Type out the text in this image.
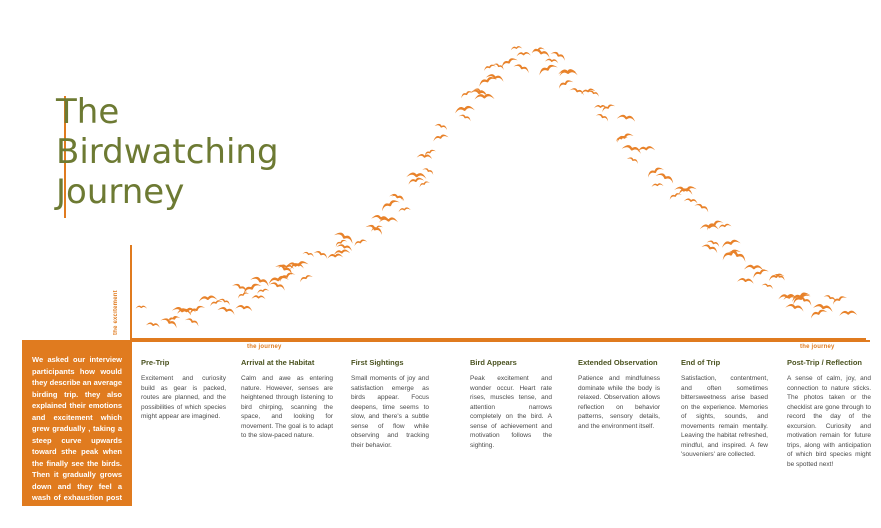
The
Birdwatching
Journey
the excitement
the journey	the journey
We asked our interview participants how would they describe an average birding trip. they also explained their emotions and excitement which grew gradually , taking a steep curve upwards toward sthe peak when the finally see the birds. Then it gradually grows down and they feel a wash of exhaustion post activity
Pre-Trip
Excitement and curiosity build as gear is packed, routes are planned, and the possibilities of which species might appear are imagined.
Arrival at the Habitat
Calm and awe as entering nature. However, senses are heightened through listening to bird chirping, scanning the space, and looking for movement. The goal is to adapt to the slow-paced nature.
First Sightings
Small moments of joy and satisfaction emerge as birds appear. Focus deepens, time seems to slow, and there's a subtle sense of flow while observing and tracking their behavior.
Bird Appears
Peak excitement and wonder occur. Heart rate rises, muscles tense, and attention narrows completely on the bird. A sense of achievement and motivation follows the sighting.
Extended Observation
Patience and mindfulness dominate while the body is relaxed. Observation allows reflection on behavior patterns, sensory details, and the environment itself.
End of Trip
Satisfaction, contentment, and often sometimes bittersweetness arise based on the experience. Memories of sights, sounds, and movements remain mentally. Leaving the habitat refreshed, mindful, and inspired. A few 'souveniers' are collected.
Post-Trip / Reflection
A sense of calm, joy, and connection to nature sticks. The photos taken or the checklist are gone through to record the day of the excursion. Curiosity and motivation remain for future trips, along with anticipation of which bird species might be spotted next!
